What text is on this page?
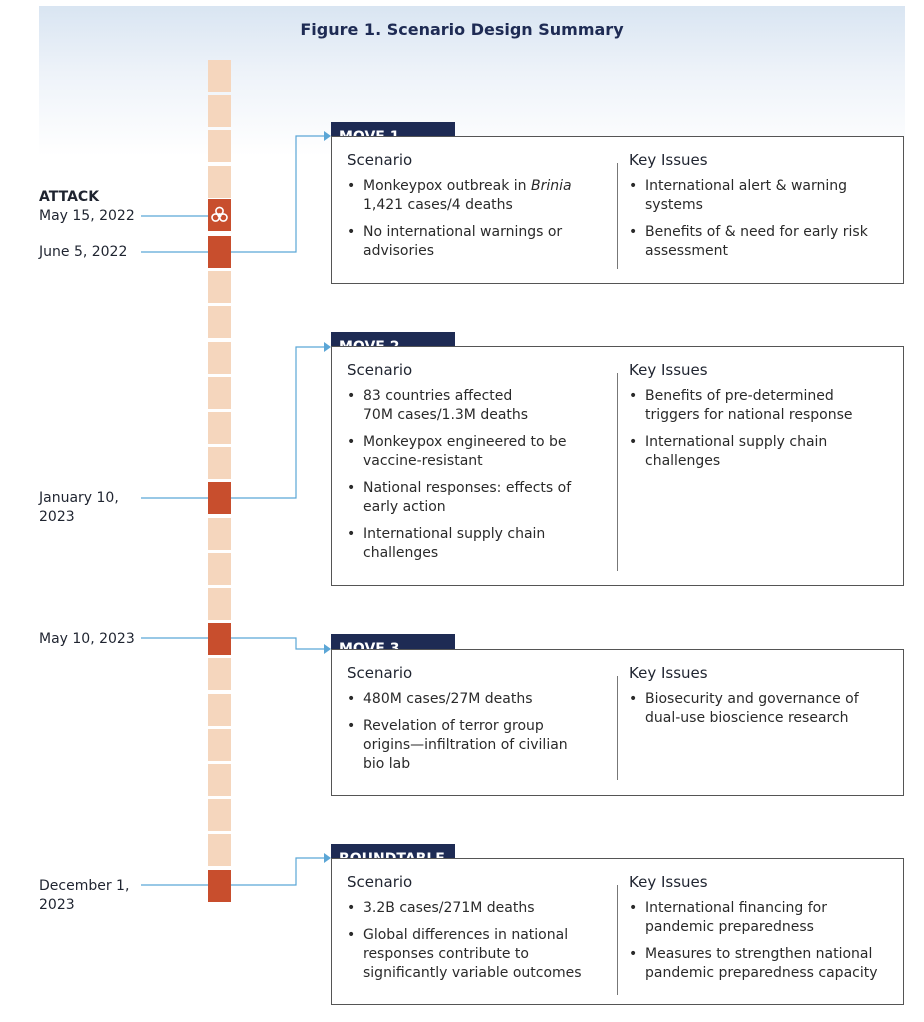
Figure 1. Scenario Design Summary
ATTACK
May 15, 2022
June 5, 2022
January 10,
2023
May 10, 2023
December 1,
2023
Scenario
• Monkeypox outbreak in Brinia
1,421 cases/4 deaths
• No international warnings or
advisories
Key Issues
• International alert & warning
systems
• Benefits of & need for early risk
assessment
Scenario
• 83 countries affected
70M cases/1.3M deaths
• Monkeypox engineered to be
vaccine-resistant
• National responses: effects of
early action
• International supply chain
challenges
Key Issues
• Benefits of pre-determined
triggers for national response
• International supply chain
challenges
Scenario
• 480M cases/27M deaths
• Revelation of terror group
origins—infiltration of civilian
bio lab
Key Issues
• Biosecurity and governance of
dual-use bioscience research
Scenario
• 3.2B cases/271M deaths
• Global differences in national
responses contribute to
significantly variable outcomes
Key Issues
• International financing for
pandemic preparedness
• Measures to strengthen national
pandemic preparedness capacity
